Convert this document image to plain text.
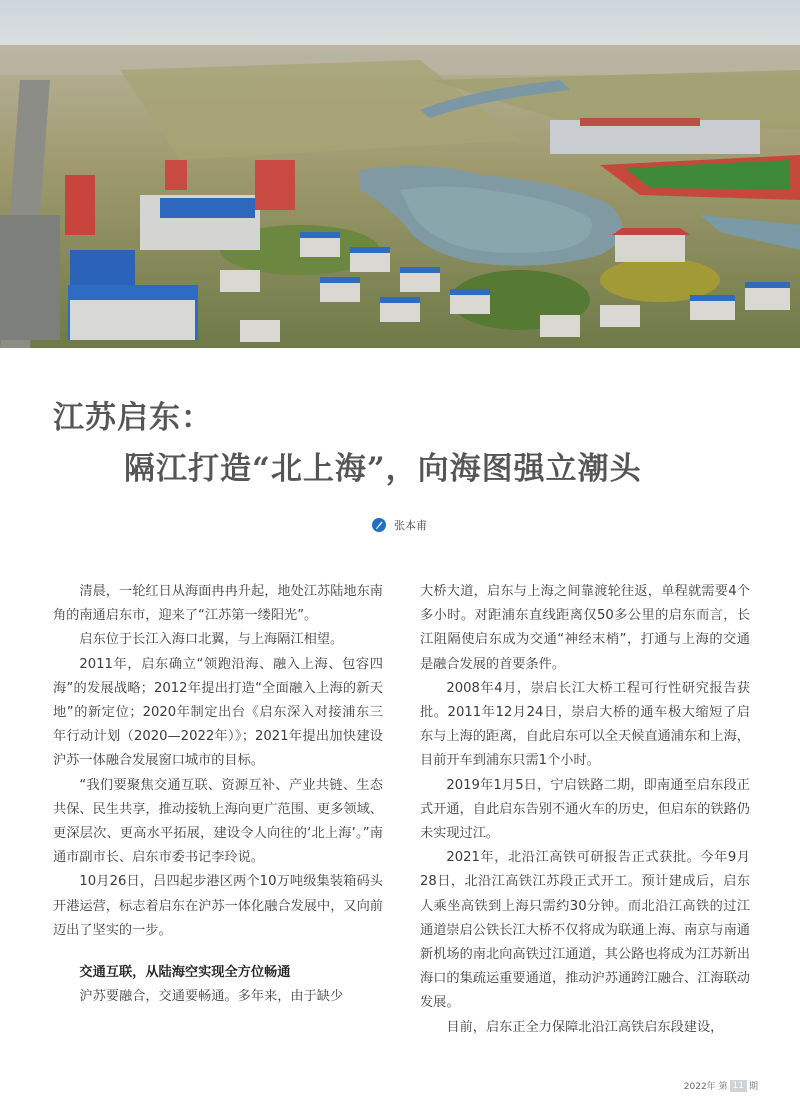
江苏启东：
隔江打造“北上海”，向海图强立潮头
张本甫

清晨，一轮红日从海面冉冉升起，地处江苏陆地东南角的南通启东市，迎来了“江苏第一缕阳光”。

启东位于长江入海口北翼，与上海隔江相望。

2011年，启东确立“领跑沿海、融入上海、包容四海”的发展战略；2012年提出打造“全面融入上海的新天地”的新定位；2020年制定出台《启东深入对接浦东三年行动计划（2020—2022年）》；2021年提出加快建设沪苏一体融合发展窗口城市的目标。

“我们要聚焦交通互联、资源互补、产业共链、生态共保、民生共享，推动接轨上海向更广范围、更多领域、更深层次、更高水平拓展，建设令人向往的‘北上海’。”南通市副市长、启东市委书记李玲说。

10月26日，吕四起步港区两个10万吨级集装箱码头开港运营，标志着启东在沪苏一体化融合发展中，又向前迈出了坚实的一步。

交通互联，从陆海空实现全方位畅通

沪苏要融合，交通要畅通。多年来，由于缺少

大桥大道，启东与上海之间靠渡轮往返，单程就需要4个多小时。对距浦东直线距离仅50多公里的启东而言，长江阻隔使启东成为交通“神经末梢”，打通与上海的交通是融合发展的首要条件。

2008年4月，崇启长江大桥工程可行性研究报告获批。2011年12月24日，崇启大桥的通车极大缩短了启东与上海的距离，自此启东可以全天候直通浦东和上海，目前开车到浦东只需1个小时。

2019年1月5日，宁启铁路二期，即南通至启东段正式开通，自此启东告别不通火车的历史，但启东的铁路仍未实现过江。

2021年，北沿江高铁可研报告正式获批。今年9月28日，北沿江高铁江苏段正式开工。预计建成后，启东人乘坐高铁到上海只需约30分钟。而北沿江高铁的过江通道崇启公铁长江大桥不仅将成为联通上海、南京与南通新机场的南北向高铁过江通道，其公路也将成为江苏新出海口的集疏运重要通道，推动沪苏通跨江融合、江海联动发展。

目前，启东正全力保障北沿江高铁启东段建设，

2022年 第 11 期
